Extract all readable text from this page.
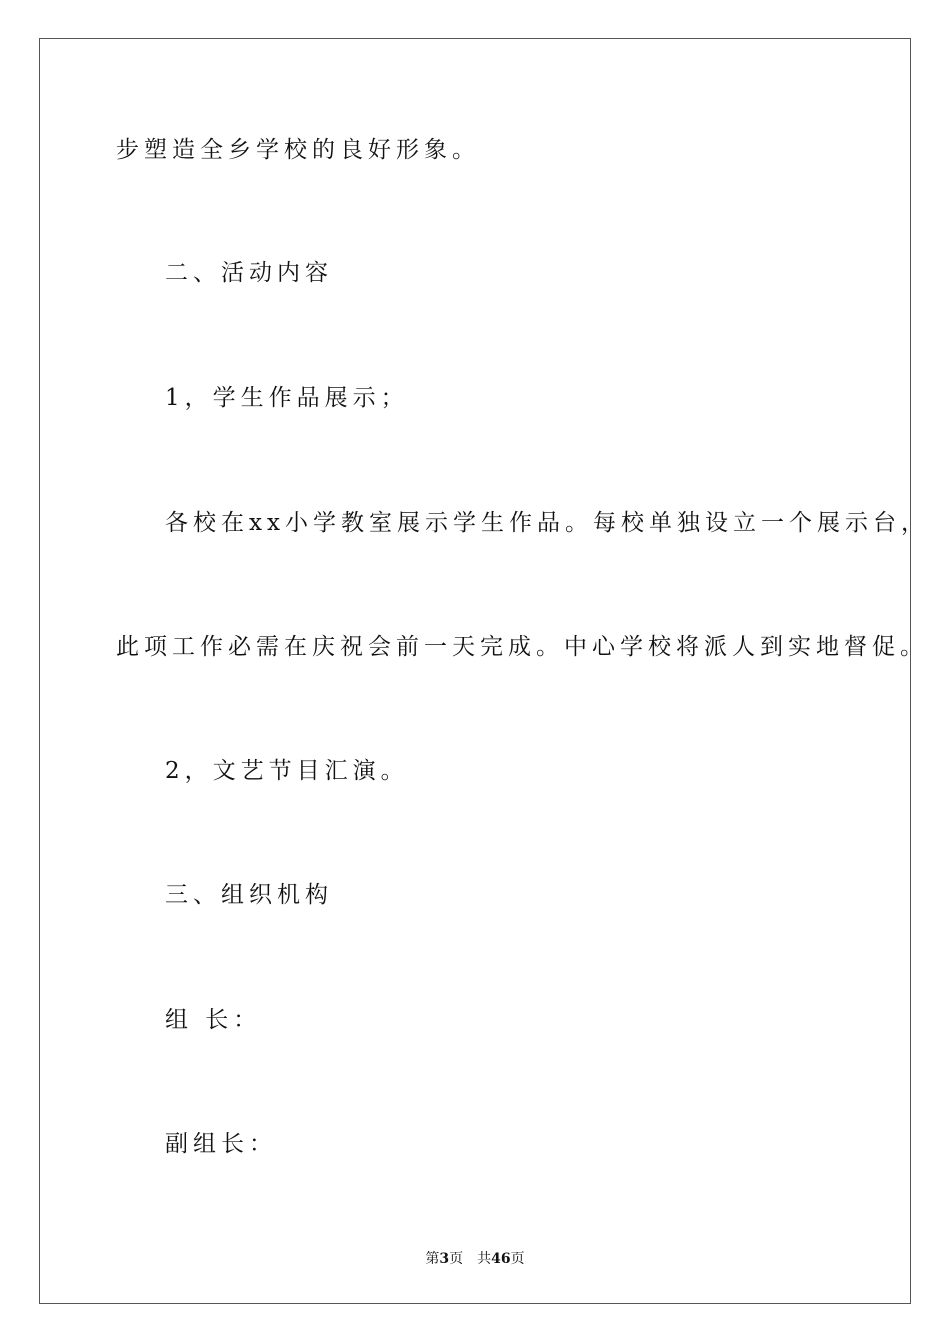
步塑造全乡学校的良好形象。
二、活动内容
1，学生作品展示；
各校在xx小学教室展示学生作品。每校单独设立一个展示台，
此项工作必需在庆祝会前一天完成。中心学校将派人到实地督促。
2，文艺节目汇演。
三、组织机构
组 长：
副组长：
第3页 共46页
